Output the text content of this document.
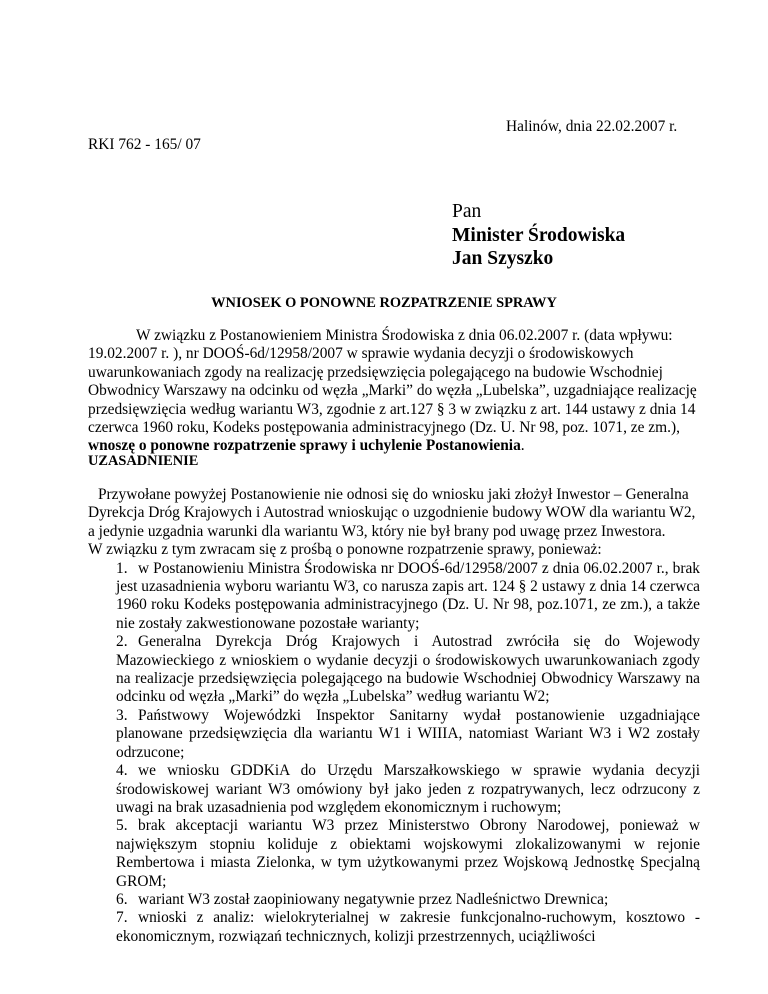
Halinów, dnia 22.02.2007 r.
RKI 762 - 165/ 07
Pan
Minister Środowiska
Jan Szyszko
WNIOSEK O PONOWNE ROZPATRZENIE SPRAWY

W związku z Postanowieniem Ministra Środowiska z dnia 06.02.2007 r. (data wpływu: 19.02.2007 r. ), nr DOOŚ-6d/12958/2007 w sprawie wydania decyzji o środowiskowych uwarunkowaniach zgody na realizację przedsięwzięcia polegającego na budowie Wschodniej Obwodnicy Warszawy na odcinku od węzła „Marki” do węzła „Lubelska”, uzgadniające realizację przedsięwzięcia według wariantu W3, zgodnie z art.127 § 3 w związku z art. 144 ustawy z dnia 14 czerwca 1960 roku, Kodeks postępowania administracyjnego (Dz. U. Nr 98, poz. 1071, ze zm.),

wnoszę o ponowne rozpatrzenie sprawy i uchylenie Postanowienia.
UZASADNIENIE

Przywołane powyżej Postanowienie nie odnosi się do wniosku jaki złożył Inwestor – Generalna Dyrekcja Dróg Krajowych i Autostrad wnioskując o uzgodnienie budowy WOW dla wariantu W2, a jedynie uzgadnia warunki dla wariantu W3, który nie był brany pod uwagę przez Inwestora.

W związku z tym zwracam się z prośbą o ponowne rozpatrzenie sprawy, ponieważ:

1. w Postanowieniu Ministra Środowiska nr DOOŚ-6d/12958/2007 z dnia 06.02.2007 r., brak jest uzasadnienia wyboru wariantu W3, co narusza zapis art. 124 § 2 ustawy z dnia 14 czerwca 1960 roku Kodeks postępowania administracyjnego (Dz. U. Nr 98, poz.1071, ze zm.), a także nie zostały zakwestionowane pozostałe warianty;
2. Generalna Dyrekcja Dróg Krajowych i Autostrad zwróciła się do Wojewody Mazowieckiego z wnioskiem o wydanie decyzji o środowiskowych uwarunkowaniach zgody na realizacje przedsięwzięcia polegającego na budowie Wschodniej Obwodnicy Warszawy na odcinku od węzła „Marki” do węzła „Lubelska” według wariantu W2;
3. Państwowy Wojewódzki Inspektor Sanitarny wydał postanowienie uzgadniające planowane przedsięwzięcia dla wariantu W1 i WIIIA, natomiast Wariant W3 i W2 zostały odrzucone;
4. we wniosku GDDKiA do Urzędu Marszałkowskiego w sprawie wydania decyzji środowiskowej wariant W3 omówiony był jako jeden z rozpatrywanych, lecz odrzucony z uwagi na brak uzasadnienia pod względem ekonomicznym i ruchowym;
5. brak akceptacji wariantu W3 przez Ministerstwo Obrony Narodowej, ponieważ w największym stopniu koliduje z obiektami wojskowymi zlokalizowanymi w rejonie Rembertowa i miasta Zielonka, w tym użytkowanymi przez Wojskową Jednostkę Specjalną GROM;
6. wariant W3 został zaopiniowany negatywnie przez Nadleśnictwo Drewnica;
7. wnioski z analiz: wielokryterialnej w zakresie funkcjonalno-ruchowym, kosztowo - ekonomicznym, rozwiązań technicznych, kolizji przestrzennych, uciążliwości
